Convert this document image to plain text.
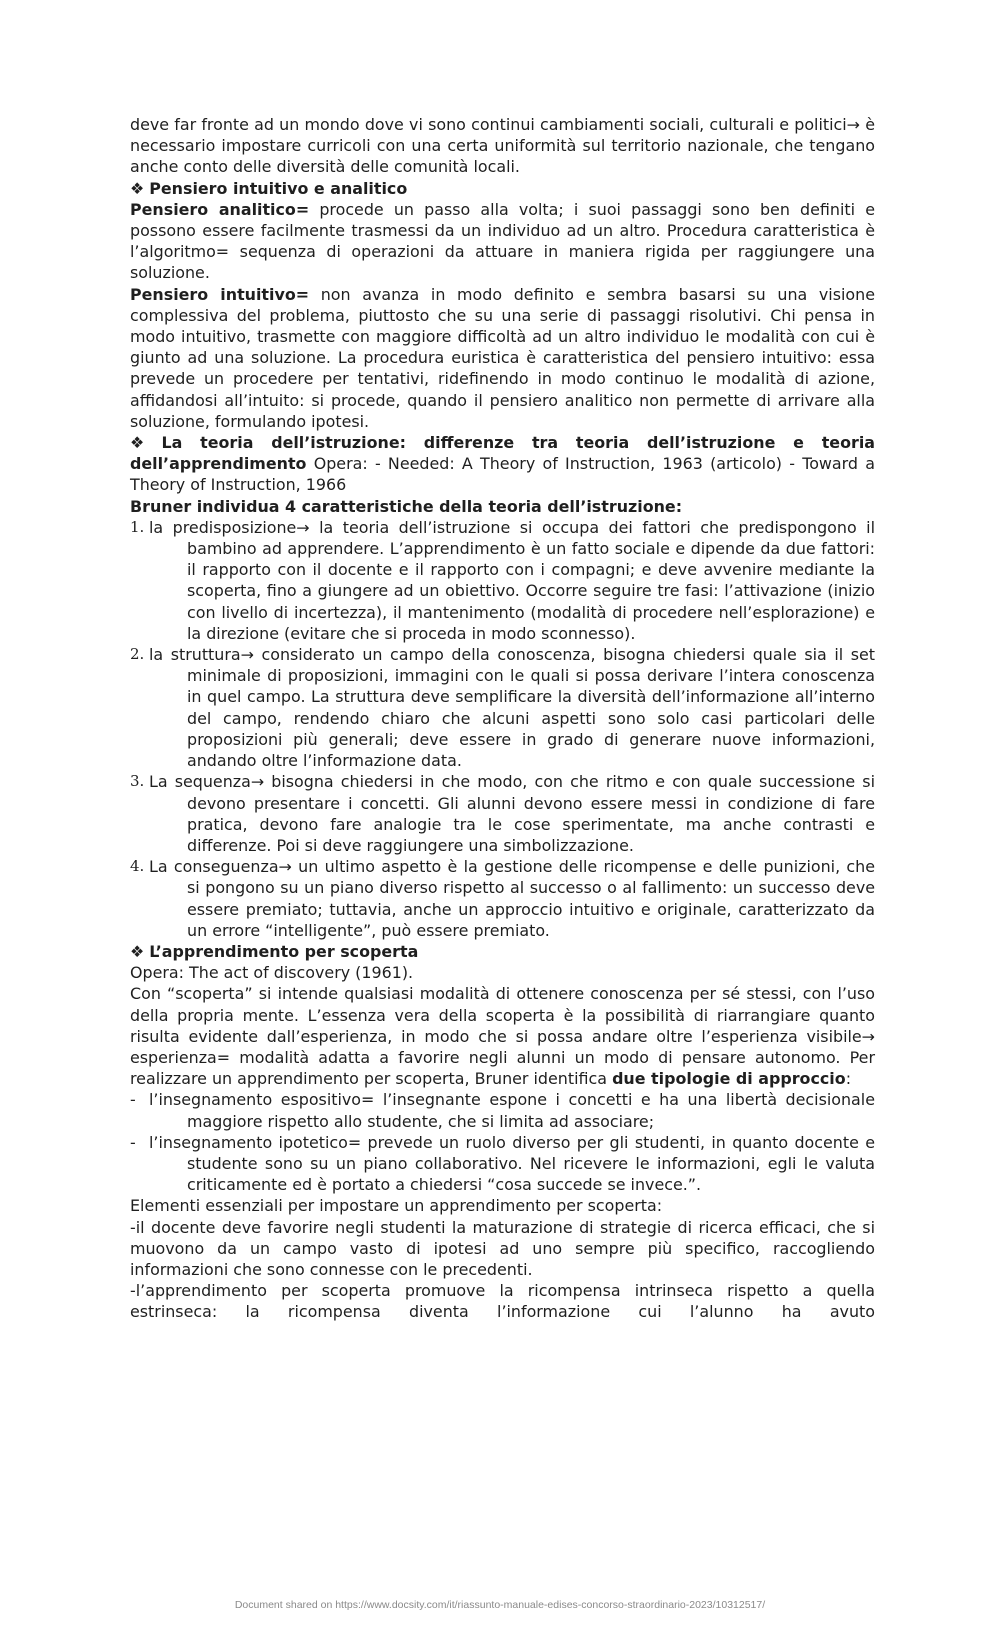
deve far fronte ad un mondo dove vi sono continui cambiamenti sociali, culturali e politici→ è necessario impostare curricoli con una certa uniformità sul territorio nazionale, che tengano anche conto delle diversità delle comunità locali.

❖ Pensiero intuitivo e analitico

Pensiero analitico= procede un passo alla volta; i suoi passaggi sono ben definiti e possono essere facilmente trasmessi da un individuo ad un altro. Procedura caratteristica è l’algoritmo= sequenza di operazioni da attuare in maniera rigida per raggiungere una soluzione.

Pensiero intuitivo= non avanza in modo definito e sembra basarsi su una visione complessiva del problema, piuttosto che su una serie di passaggi risolutivi. Chi pensa in modo intuitivo, trasmette con maggiore difficoltà ad un altro individuo le modalità con cui è giunto ad una soluzione. La procedura euristica è caratteristica del pensiero intuitivo: essa prevede un procedere per tentativi, ridefinendo in modo continuo le modalità di azione, affidandosi all’intuito: si procede, quando il pensiero analitico non permette di arrivare alla soluzione, formulando ipotesi.

❖ La teoria dell’istruzione: differenze tra teoria dell’istruzione e teoria dell’apprendimento Opera: - Needed: A Theory of Instruction, 1963 (articolo) - Toward a Theory of Instruction, 1966

Bruner individua 4 caratteristiche della teoria dell’istruzione:

1. la predisposizione→ la teoria dell’istruzione si occupa dei fattori che predispongono il bambino ad apprendere. L’apprendimento è un fatto sociale e dipende da due fattori: il rapporto con il docente e il rapporto con i compagni; e deve avvenire mediante la scoperta, fino a giungere ad un obiettivo. Occorre seguire tre fasi: l’attivazione (inizio con livello di incertezza), il mantenimento (modalità di procedere nell’esplorazione) e la direzione (evitare che si proceda in modo sconnesso).
2. la struttura→ considerato un campo della conoscenza, bisogna chiedersi quale sia il set minimale di proposizioni, immagini con le quali si possa derivare l’intera conoscenza in quel campo. La struttura deve semplificare la diversità dell’informazione all’interno del campo, rendendo chiaro che alcuni aspetti sono solo casi particolari delle proposizioni più generali; deve essere in grado di generare nuove informazioni, andando oltre l’informazione data.
3. La sequenza→ bisogna chiedersi in che modo, con che ritmo e con quale successione si devono presentare i concetti. Gli alunni devono essere messi in condizione di fare pratica, devono fare analogie tra le cose sperimentate, ma anche contrasti e differenze. Poi si deve raggiungere una simbolizzazione.
4. La conseguenza→ un ultimo aspetto è la gestione delle ricompense e delle punizioni, che si pongono su un piano diverso rispetto al successo o al fallimento: un successo deve essere premiato; tuttavia, anche un approccio intuitivo e originale, caratterizzato da un errore “intelligente”, può essere premiato.

❖ L’apprendimento per scoperta

Opera: The act of discovery (1961).

Con “scoperta” si intende qualsiasi modalità di ottenere conoscenza per sé stessi, con l’uso della propria mente. L’essenza vera della scoperta è la possibilità di riarrangiare quanto risulta evidente dall’esperienza, in modo che si possa andare oltre l’esperienza visibile→ esperienza= modalità adatta a favorire negli alunni un modo di pensare autonomo. Per realizzare un apprendimento per scoperta, Bruner identifica due tipologie di approccio:

- l’insegnamento espositivo= l’insegnante espone i concetti e ha una libertà decisionale maggiore rispetto allo studente, che si limita ad associare;
- l’insegnamento ipotetico= prevede un ruolo diverso per gli studenti, in quanto docente e studente sono su un piano collaborativo. Nel ricevere le informazioni, egli le valuta criticamente ed è portato a chiedersi “cosa succede se invece.”.

Elementi essenziali per impostare un apprendimento per scoperta:

-il docente deve favorire negli studenti la maturazione di strategie di ricerca efficaci, che si muovono da un campo vasto di ipotesi ad uno sempre più specifico, raccogliendo informazioni che sono connesse con le precedenti.

-l’apprendimento per scoperta promuove la ricompensa intrinseca rispetto a quella estrinseca: la ricompensa diventa l’informazione cui l’alunno ha avuto

Document shared on https://www.docsity.com/it/riassunto-manuale-edises-concorso-straordinario-2023/10312517/
